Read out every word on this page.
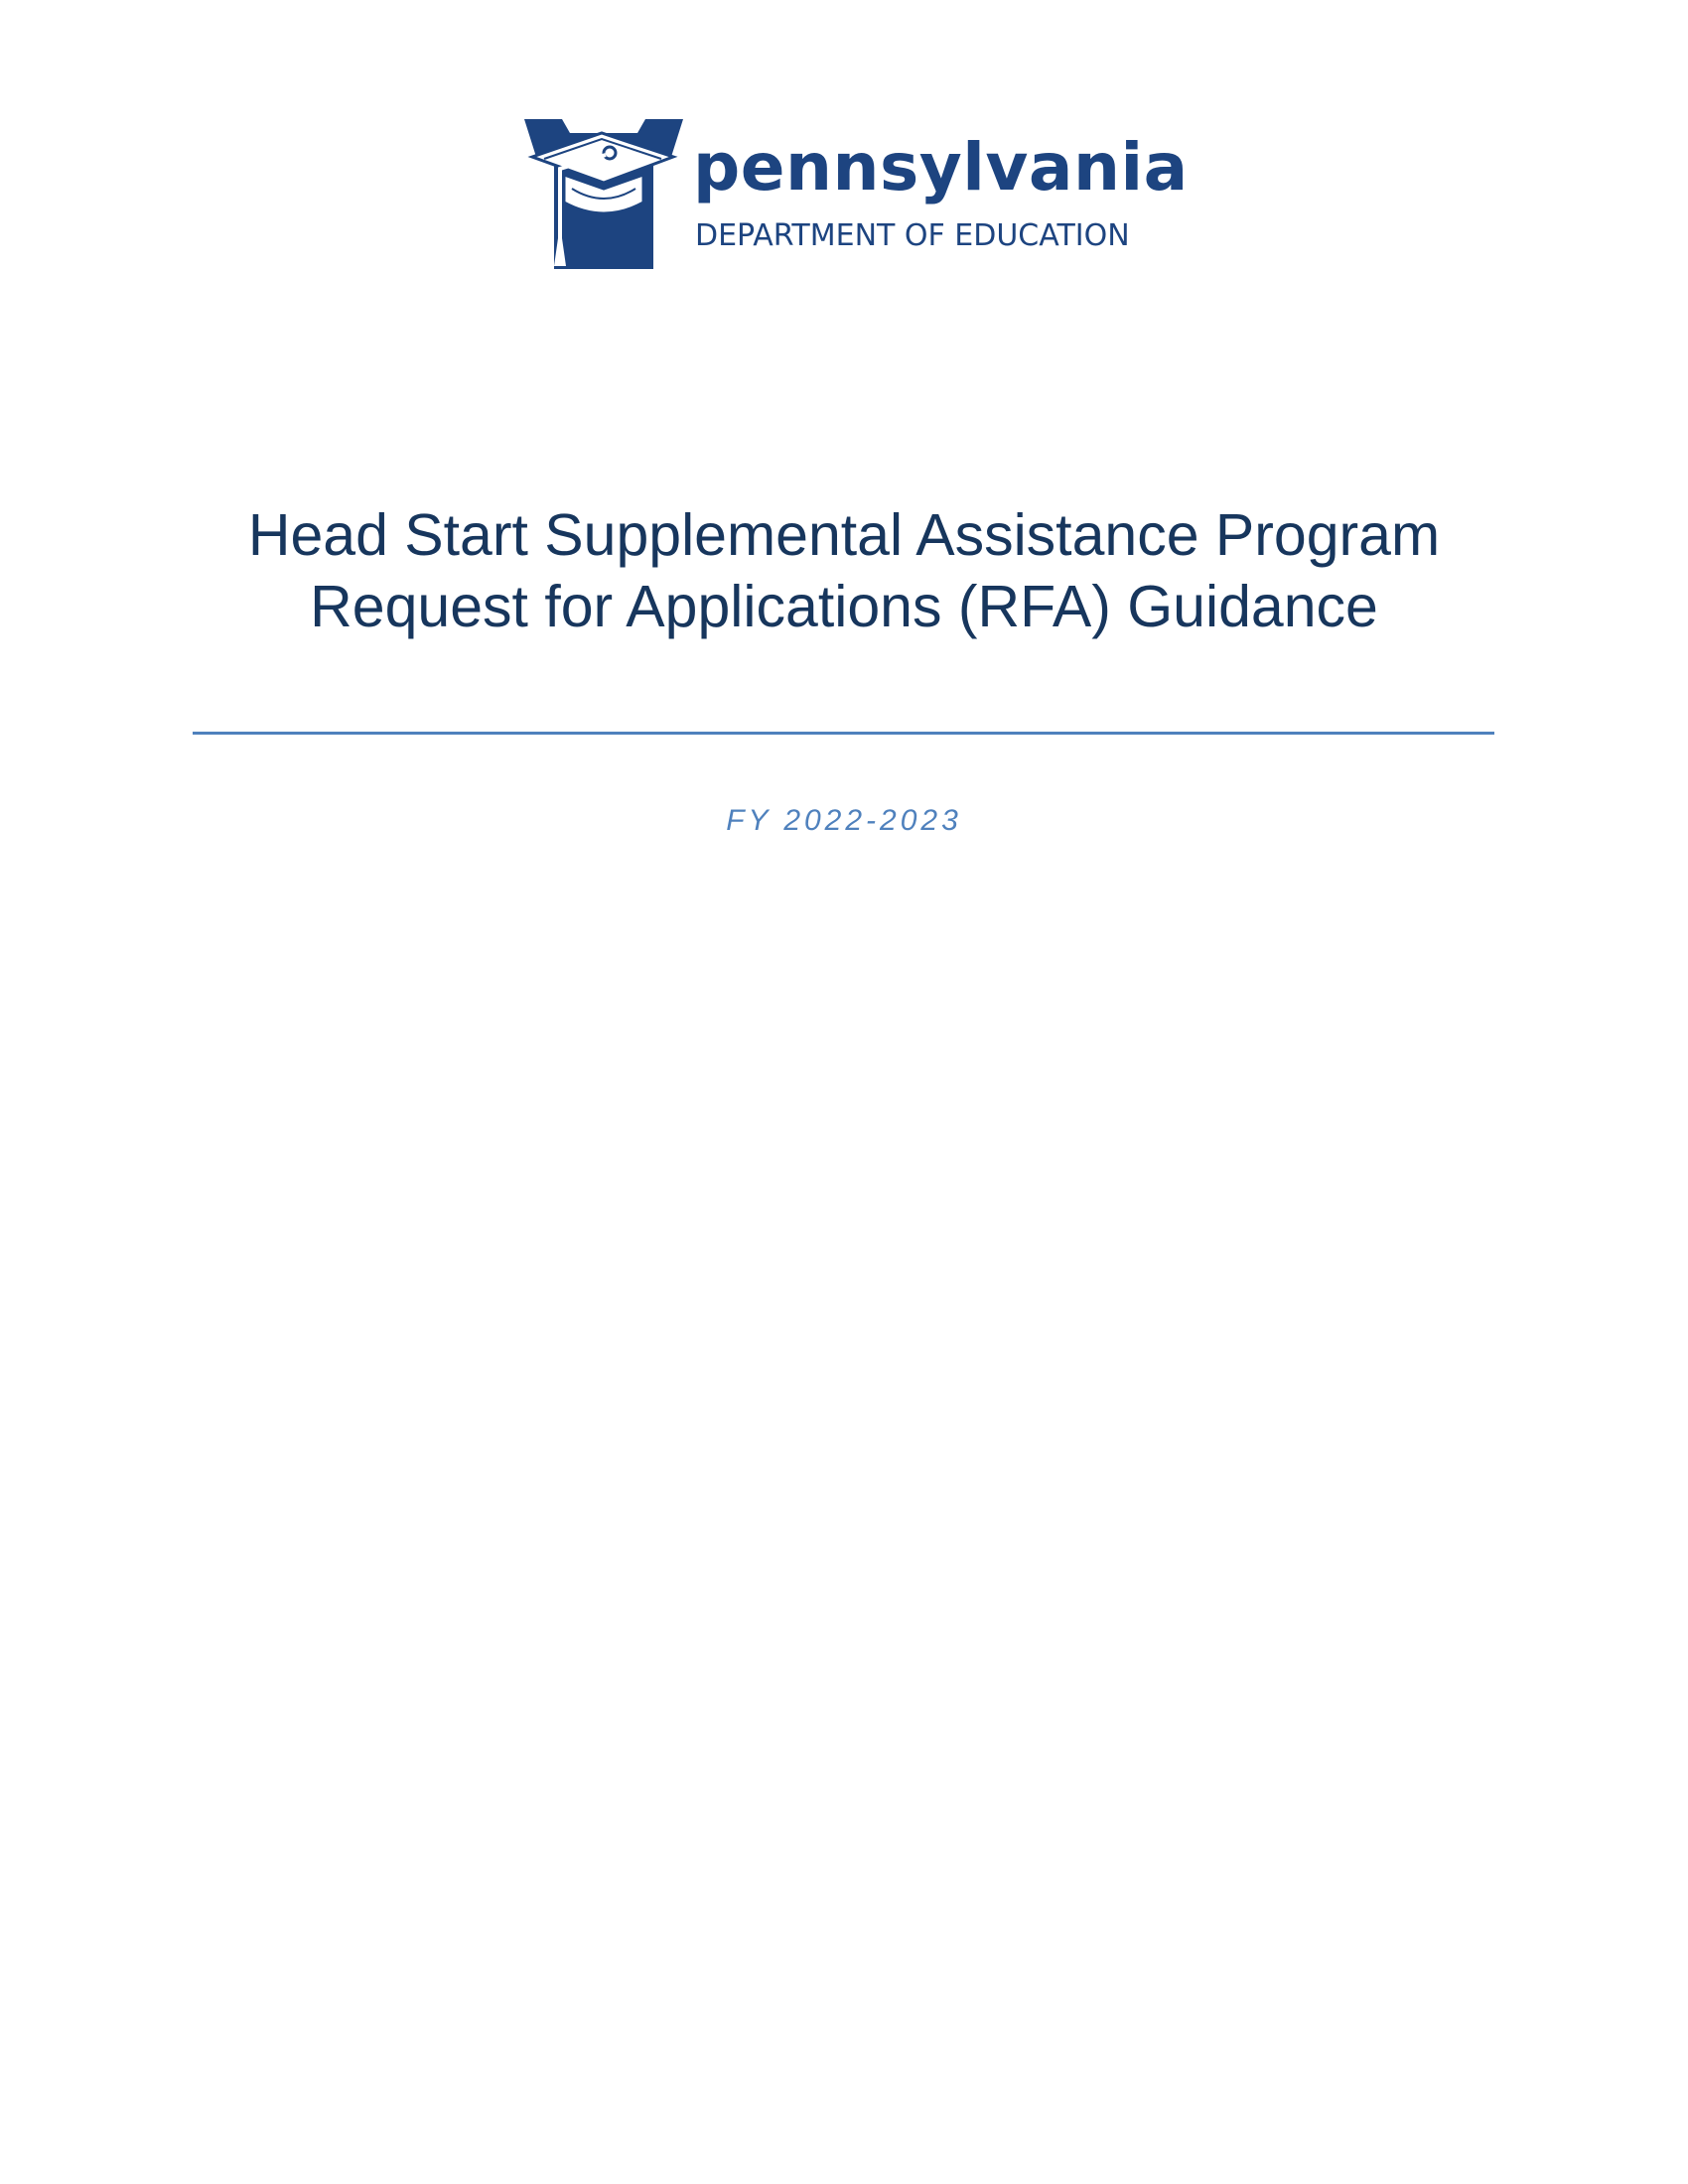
pennsylvania
DEPARTMENT OF EDUCATION
Head Start Supplemental Assistance Program
Request for Applications (RFA) Guidance
FY 2022-2023
